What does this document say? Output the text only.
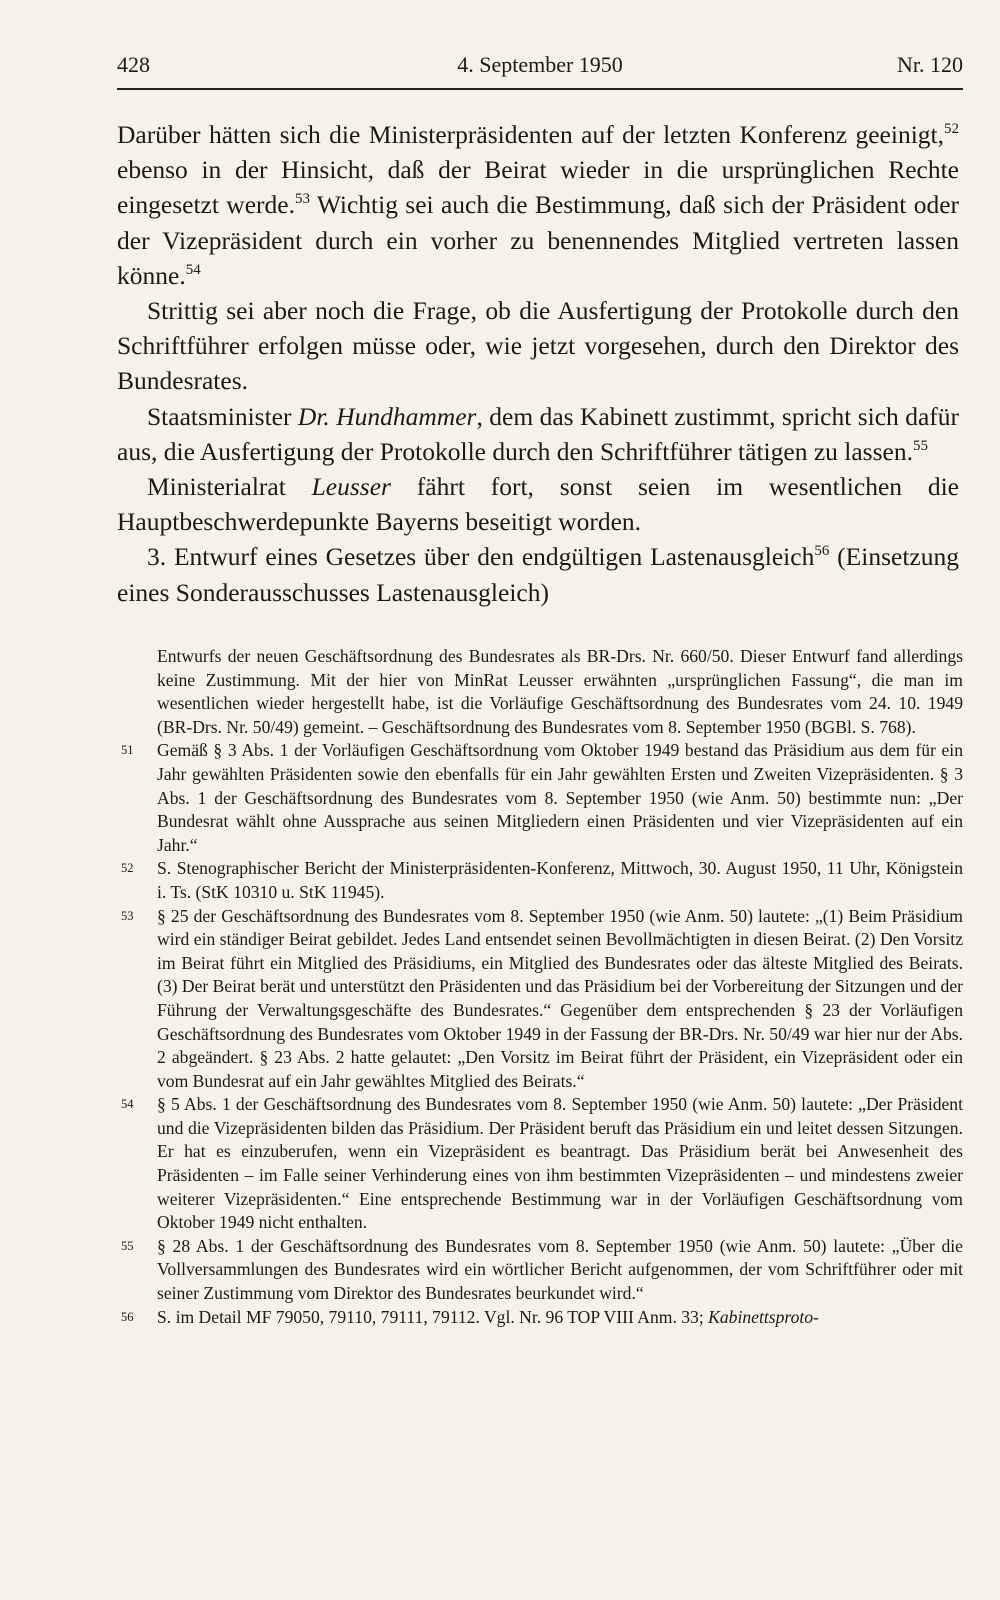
428	4. September 1950	Nr. 120

Darüber hätten sich die Ministerpräsidenten auf der letzten Konferenz geeinigt,$^{52}$ ebenso in der Hinsicht, daß der Beirat wieder in die ursprünglichen Rechte eingesetzt werde.$^{53}$ Wichtig sei auch die Bestimmung, daß sich der Präsident oder der Vizepräsident durch ein vorher zu benennendes Mitglied vertreten lassen könne.$^{54}$

Strittig sei aber noch die Frage, ob die Ausfertigung der Protokolle durch den Schriftführer erfolgen müsse oder, wie jetzt vorgesehen, durch den Direktor des Bundesrates.

Staatsminister Dr. Hundhammer, dem das Kabinett zustimmt, spricht sich dafür aus, die Ausfertigung der Protokolle durch den Schriftführer tätigen zu lassen.$^{55}$

Ministerialrat Leusser fährt fort, sonst seien im wesentlichen die Hauptbeschwerdepunkte Bayerns beseitigt worden.

3. Entwurf eines Gesetzes über den endgültigen Lastenausgleich$^{56}$ (Einsetzung eines Sonderausschusses Lastenausgleich)

Entwurfs der neuen Geschäftsordnung des Bundesrates als BR-Drs. Nr. 660/50. Dieser Entwurf fand allerdings keine Zustimmung. Mit der hier von MinRat Leusser erwähnten „ursprünglichen Fassung“, die man im wesentlichen wieder hergestellt habe, ist die Vorläufige Geschäftsordnung des Bundesrates vom 24. 10. 1949 (BR-Drs. Nr. 50/49) gemeint. – Geschäftsordnung des Bundesrates vom 8. September 1950 (BGBl. S. 768).

51 Gemäß § 3 Abs. 1 der Vorläufigen Geschäftsordnung vom Oktober 1949 bestand das Präsidium aus dem für ein Jahr gewählten Präsidenten sowie den ebenfalls für ein Jahr gewählten Ersten und Zweiten Vizepräsidenten. § 3 Abs. 1 der Geschäftsordnung des Bundesrates vom 8. September 1950 (wie Anm. 50) bestimmte nun: „Der Bundesrat wählt ohne Aussprache aus seinen Mitgliedern einen Präsidenten und vier Vizepräsidenten auf ein Jahr.“

52 S. Stenographischer Bericht der Ministerpräsidenten-Konferenz, Mittwoch, 30. August 1950, 11 Uhr, Königstein i. Ts. (StK 10310 u. StK 11945).

53 § 25 der Geschäftsordnung des Bundesrates vom 8. September 1950 (wie Anm. 50) lautete: „(1) Beim Präsidium wird ein ständiger Beirat gebildet. Jedes Land entsendet seinen Bevollmächtigten in diesen Beirat. (2) Den Vorsitz im Beirat führt ein Mitglied des Präsidiums, ein Mitglied des Bundesrates oder das älteste Mitglied des Beirats. (3) Der Beirat berät und unterstützt den Präsidenten und das Präsidium bei der Vorbereitung der Sitzungen und der Führung der Verwaltungsgeschäfte des Bundesrates.“ Gegenüber dem entsprechenden § 23 der Vorläufigen Geschäftsordnung des Bundesrates vom Oktober 1949 in der Fassung der BR-Drs. Nr. 50/49 war hier nur der Abs. 2 abgeändert. § 23 Abs. 2 hatte gelautet: „Den Vorsitz im Beirat führt der Präsident, ein Vizepräsident oder ein vom Bundesrat auf ein Jahr gewähltes Mitglied des Beirats.“

54 § 5 Abs. 1 der Geschäftsordnung des Bundesrates vom 8. September 1950 (wie Anm. 50) lautete: „Der Präsident und die Vizepräsidenten bilden das Präsidium. Der Präsident beruft das Präsidium ein und leitet dessen Sitzungen. Er hat es einzuberufen, wenn ein Vizepräsident es beantragt. Das Präsidium berät bei Anwesenheit des Präsidenten – im Falle seiner Verhinderung eines von ihm bestimmten Vizepräsidenten – und mindestens zweier weiterer Vizepräsidenten.“ Eine entsprechende Bestimmung war in der Vorläufigen Geschäftsordnung vom Oktober 1949 nicht enthalten.

55 § 28 Abs. 1 der Geschäftsordnung des Bundesrates vom 8. September 1950 (wie Anm. 50) lautete: „Über die Vollversammlungen des Bundesrates wird ein wörtlicher Bericht aufgenommen, der vom Schriftführer oder mit seiner Zustimmung vom Direktor des Bundesrates beurkundet wird.“

56 S. im Detail MF 79050, 79110, 79111, 79112. Vgl. Nr. 96 TOP VIII Anm. 33; Kabinettsproto-
